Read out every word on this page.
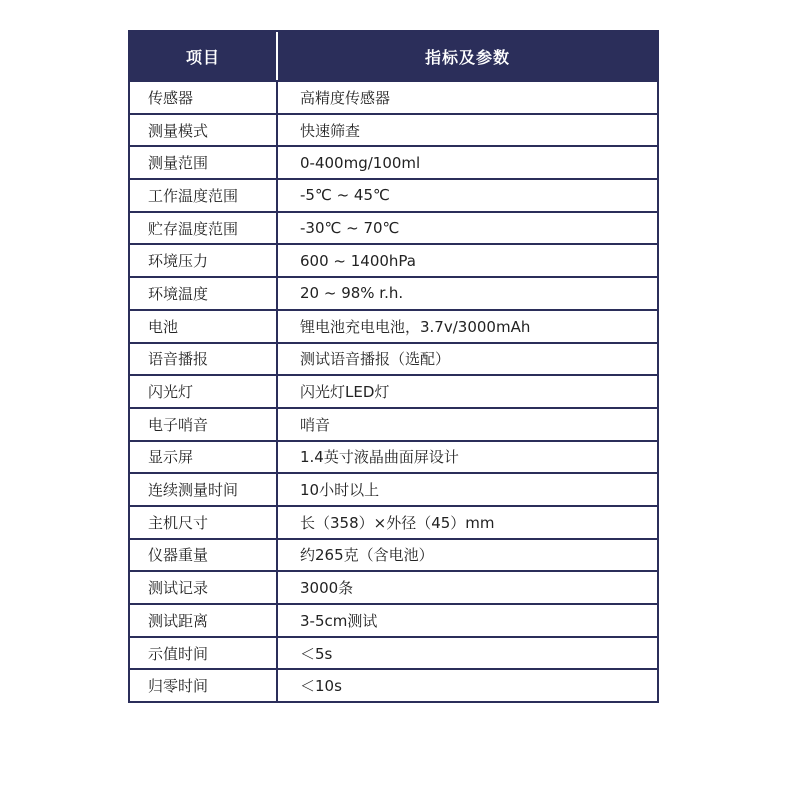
项目	指标及参数
传感器	高精度传感器
测量模式	快速筛查
测量范围	0-400mg/100ml
工作温度范围	-5℃ ~ 45℃
贮存温度范围	-30℃ ~ 70℃
环境压力	600 ~ 1400hPa
环境温度	20 ~ 98% r.h.
电池	锂电池充电电池，3.7v/3000mAh
语音播报	测试语音播报（选配）
闪光灯	闪光灯LED灯
电子哨音	哨音
显示屏	1.4英寸液晶曲面屏设计
连续测量时间	10小时以上
主机尺寸	长（358）×外径（45）mm
仪器重量	约265克（含电池）
测试记录	3000条
测试距离	3-5cm测试
示值时间	＜5s
归零时间	＜10s
